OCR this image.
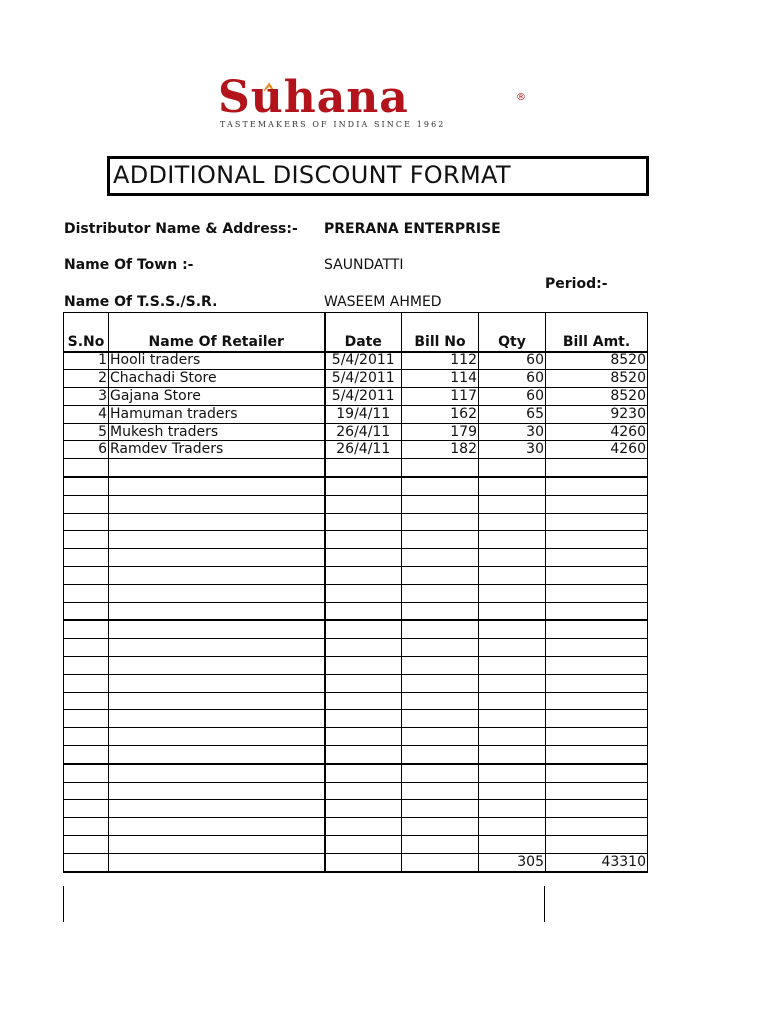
Suhana	®
TASTEMAKERS OF INDIA SINCE 1962
ADDITIONAL DISCOUNT FORMAT
Distributor Name & Address:- PRERANA ENTERPRISE
Name Of Town :-	SAUNDATTI
Period:-
Name Of T.S.S./S.R.	WASEEM AHMED
S.No	Name Of Retailer	Date	Bill No	Qty	Bill Amt.
1	Hooli traders	5/4/2011	112	60	8520
2	Chachadi Store	5/4/2011	114	60	8520
3	Gajana Store	5/4/2011	117	60	8520
4	Hamuman traders	19/4/11	162	65	9230
5	Mukesh traders	26/4/11	179	30	4260
6	Ramdev Traders	26/4/11	182	30	4260

				305	43310
